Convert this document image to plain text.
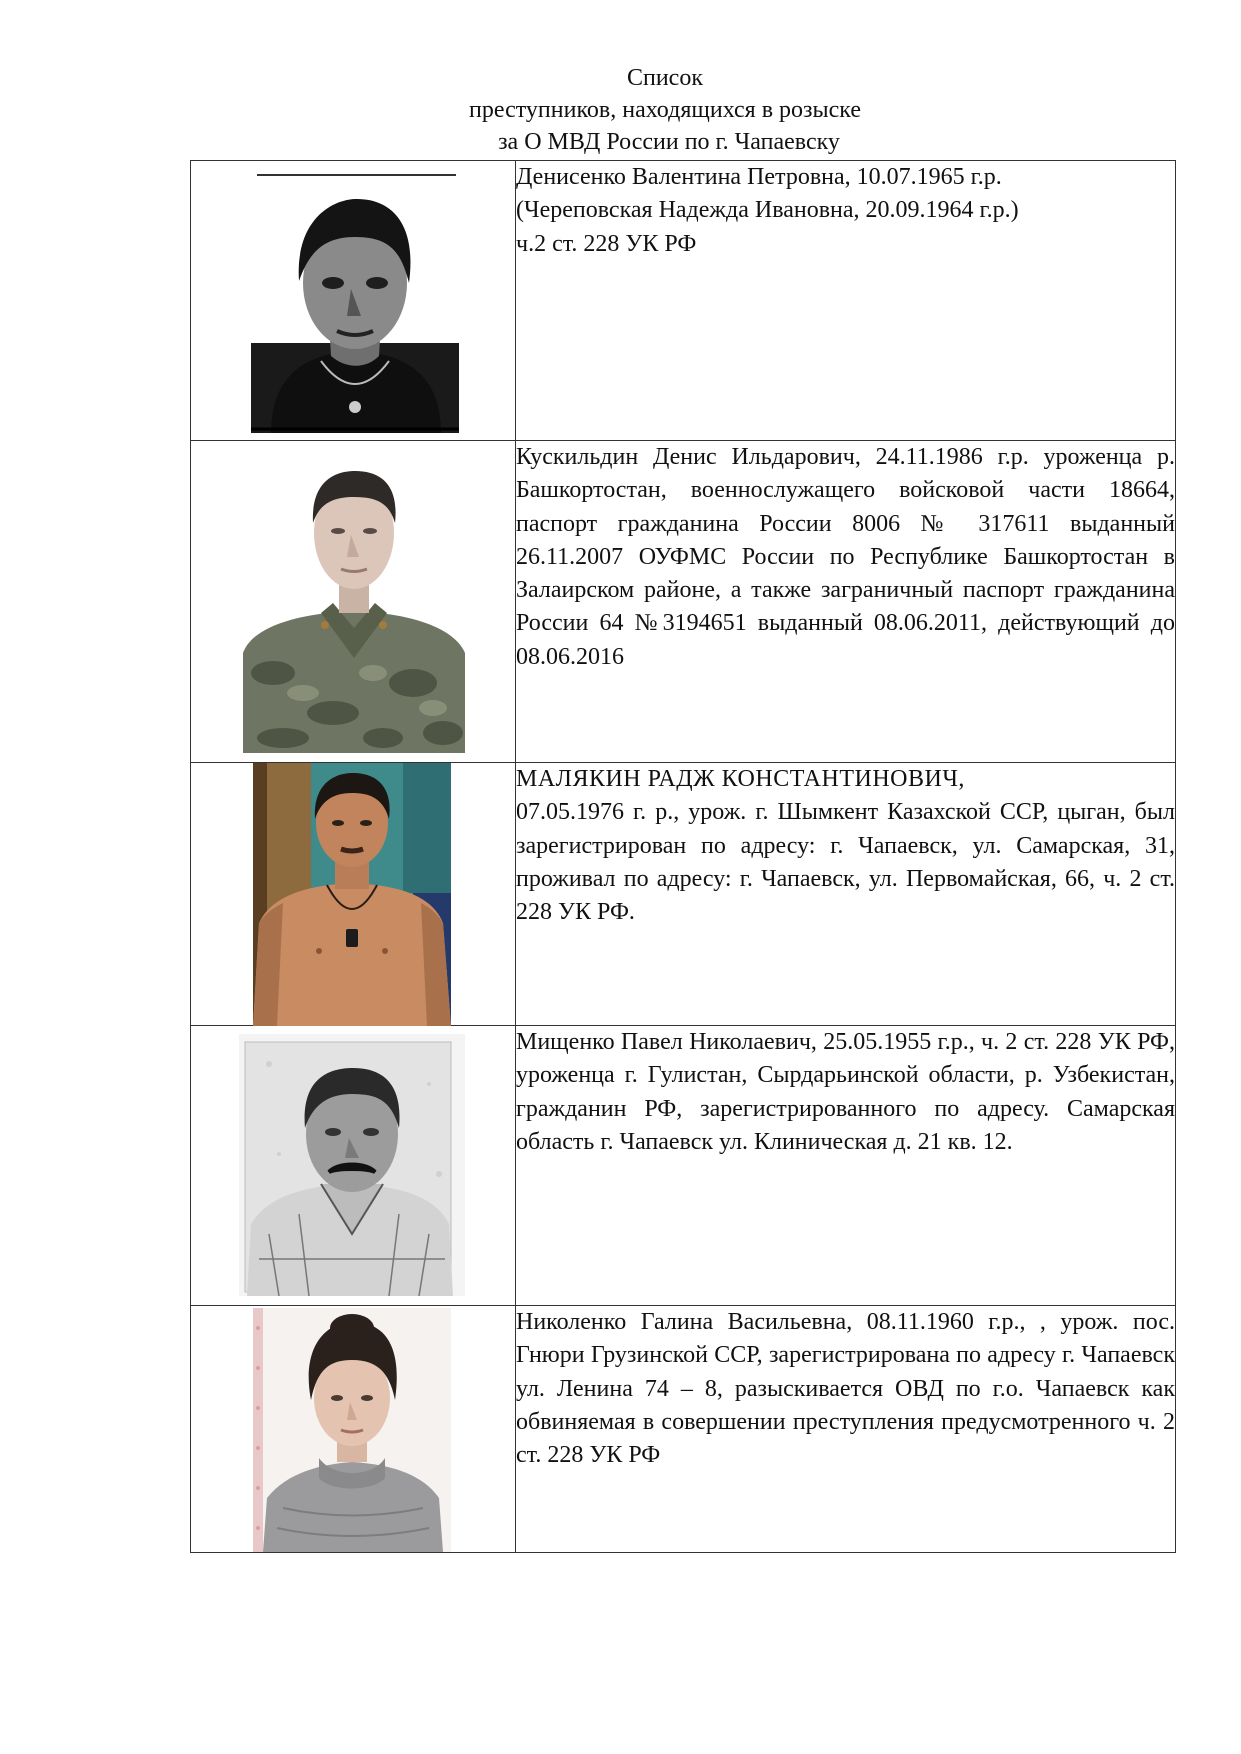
Список
преступников, находящихся в розыске
за О МВД России по г. Чапаевску

Денисенко Валентина Петровна, 10.07.1965 г.р.
(Череповская Надежда Ивановна, 20.09.1964 г.р.)
ч.2 ст. 228 УК РФ

Кускильдин Денис Ильдарович, 24.11.1986 г.р. уроженца р. Башкортостан, военнослужащего войсковой части 18664, паспорт гражданина России 8006 № 317611 выданный 26.11.2007 ОУФМС России по Республике Башкортостан в Залаирском районе, а также заграничный паспорт гражданина России 64 №3194651 выданный 08.06.2011, действующий до 08.06.2016

МАЛЯКИН РАДЖ КОНСТАНТИНОВИЧ,
07.05.1976 г. р., урож. г. Шымкент Казахской ССР, цыган, был зарегистрирован по адресу: г. Чапаевск, ул. Самарская, 31, проживал по адресу: г. Чапаевск, ул. Первомайская, 66, ч. 2 ст. 228 УК РФ.

Мищенко Павел Николаевич, 25.05.1955 г.р., ч. 2 ст. 228 УК РФ, уроженца г. Гулистан, Сырдарьинской области, р. Узбекистан, гражданин РФ, зарегистрированного по адресу. Самарская область г. Чапаевск ул. Клиническая д. 21 кв. 12.

Николенко Галина Васильевна, 08.11.1960 г.р., , урож. пос. Гнюри Грузинской ССР, зарегистрирована по адресу г. Чапаевск ул. Ленина 74 – 8, разыскивается ОВД по г.о. Чапаевск как обвиняемая в совершении преступления предусмотренного ч. 2 ст. 228 УК РФ
